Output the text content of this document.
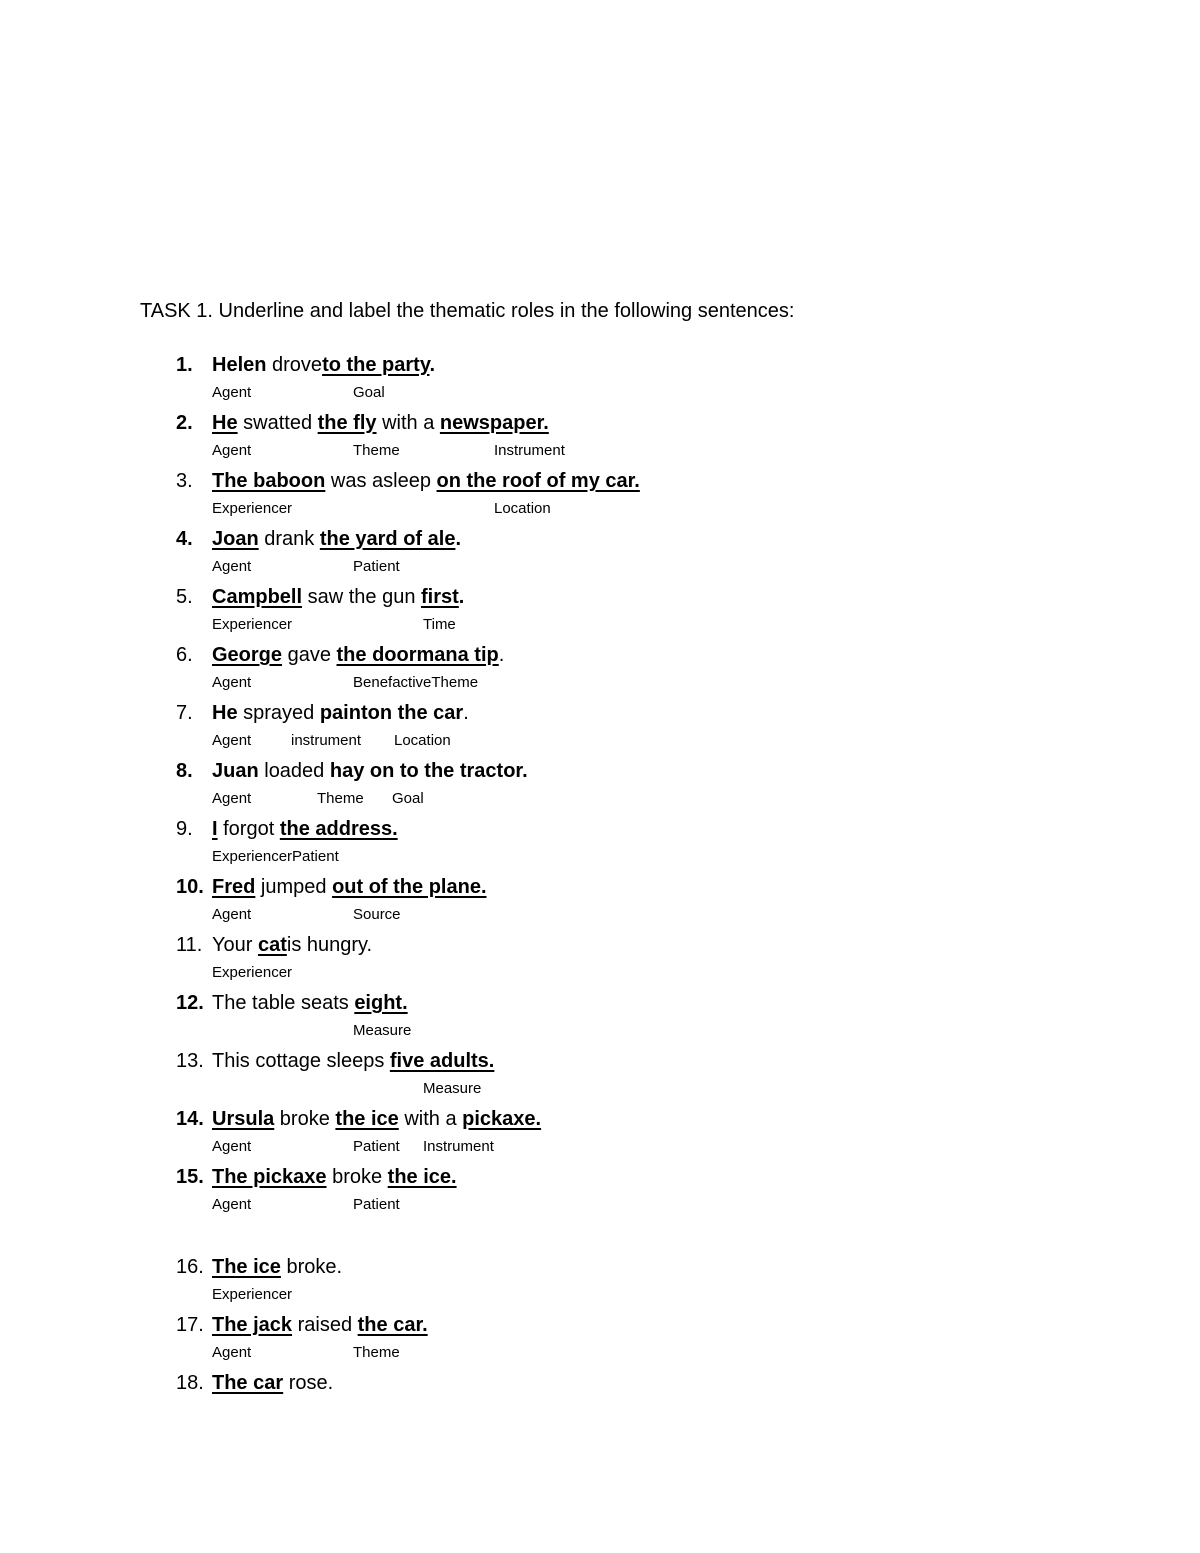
TASK 1. Underline and label the thematic roles in the following sentences:
1. Helen droveto the party.
Agent	Goal
2. He swatted the fly with a newspaper.
Agent	Theme	Instrument
3. The baboon was asleep on the roof of my car.
Experiencer	Location
4. Joan drank the yard of ale.
Agent	Patient
5. Campbell saw the gun first.
Experiencer	Time
6. George gave the doormana tip.
Agent	BenefactiveTheme
7. He sprayed painton the car.
Agent	instrument Location
8. Juan loaded hay on to the tractor.
Agent	Theme Goal
9. I forgot the address.
ExperiencerPatient
10. Fred jumped out of the plane.
Agent	Source
11. Your catis hungry.
Experiencer
12. The table seats eight.
Measure
13. This cottage sleeps five adults.
Measure
14. Ursula broke the ice with a pickaxe.
Agent	Patient Instrument
15. The pickaxe broke the ice.
Agent	Patient
16. The ice broke.
Experiencer
17. The jack raised the car.
Agent	Theme
18. The car rose.
